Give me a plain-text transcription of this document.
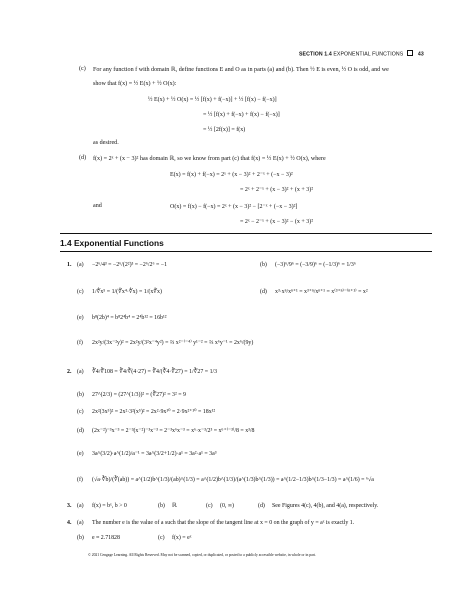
SECTION 1.4 EXPONENTIAL FUNCTIONS	43
(c) For any function f with domain ℝ, define functions E and O as in parts (a) and (b). Then ½ E is even, ½ O is odd, and we
show that f(x) = ½ E(x) + ½ O(x):
½ E(x) + ½ O(x) = ½ [f(x) + f(−x)] + ½ [f(x) − f(−x)]
= ½ [f(x) + f(−x) + f(x) − f(−x)]
= ½ [2f(x)] = f(x)
as desired.
(d) f(x) = 2ˣ + (x − 3)² has domain ℝ, so we know from part (c) that f(x) = ½ E(x) + ½ O(x), where
E(x) = f(x) + f(−x) = 2ˣ + (x − 3)² + 2⁻ˣ + (−x − 3)²
= 2ˣ + 2⁻ˣ + (x − 3)² + (x + 3)²
and	O(x) = f(x) − f(−x) = 2ˣ + (x − 3)² − [2⁻ˣ + (−x − 3)²]
= 2ˣ − 2⁻ˣ + (x − 3)² − (x + 3)²
1.4 Exponential Functions
1. (a) −2⁶/4³ = −2⁶/(2²)³ = −2⁶/2⁶ = −1	(b) (−3)⁶/9⁶ = (−3/9)⁶ = (−1/3)⁶ = 1/3⁶
(c) 1/∜x⁵ = 1/(∜x⁴·∜x) = 1/(x∜x)	(d) x³·xⁿ/xⁿ⁺¹ = x³⁺ⁿ/xⁿ⁺¹ = x⁽³⁺ⁿ⁾⁻⁽ⁿ⁺¹⁾ = x²
(e) b⁸(2b)⁴ = b⁸2⁴b⁴ = 2⁴b¹² = 16b¹²
(f) 2x²y/(3x⁻²y)² = 2x²y/(3²x⁻⁴y²) = ⅔ x²⁻⁽⁻⁴⁾ y¹⁻² = ⅔ x⁶y⁻¹ = 2x⁶/(9y)
2. (a) ∛4/∛108 = ∛4/∛(4·27) = ∛4/(∛4·∛27) = 1/∛27 = 1/3
(b) 27^(2/3) = (27^(1/3))² = (∛27)² = 3² = 9
(c) 2x²(3x⁵)² = 2x²·3²(x⁵)² = 2x²·9x¹⁰ = 2·9x²⁺¹⁰ = 18x¹²
(d) (2x⁻²)⁻³x⁻³ = 2⁻³(x⁻²)⁻³x⁻³ = 2⁻³x⁶x⁻³ = x⁶·x⁻³/2³ = x⁶⁺⁽⁻³⁾/8 = x³/8
(e) 3a^(3/2)·a^(1/2)/a⁻¹ = 3a^(3/2+1/2)·a¹ = 3a²·a¹ = 3a³
(f) (√a·∛b)/(∛(ab)) = a^(1/2)b^(1/3)/(ab)^(1/3) = a^(1/2)b^(1/3)/(a^(1/3)b^(1/3)) = a^(1/2−1/3)b^(1/3−1/3) = a^(1/6) = ⁶√a
3. (a) f(x) = bˣ, b > 0	(b) ℝ	(c) (0, ∞)	(d) See Figures 4(c), 4(b), and 4(a), respectively.
4. (a) The number e is the value of a such that the slope of the tangent line at x = 0 on the graph of y = aˣ is exactly 1.
(b) e ≈ 2.71828	(c) f(x) = eˣ
© 2021 Cengage Learning. All Rights Reserved. May not be scanned, copied, or duplicated, or posted to a publicly accessible website, in whole or in part.
